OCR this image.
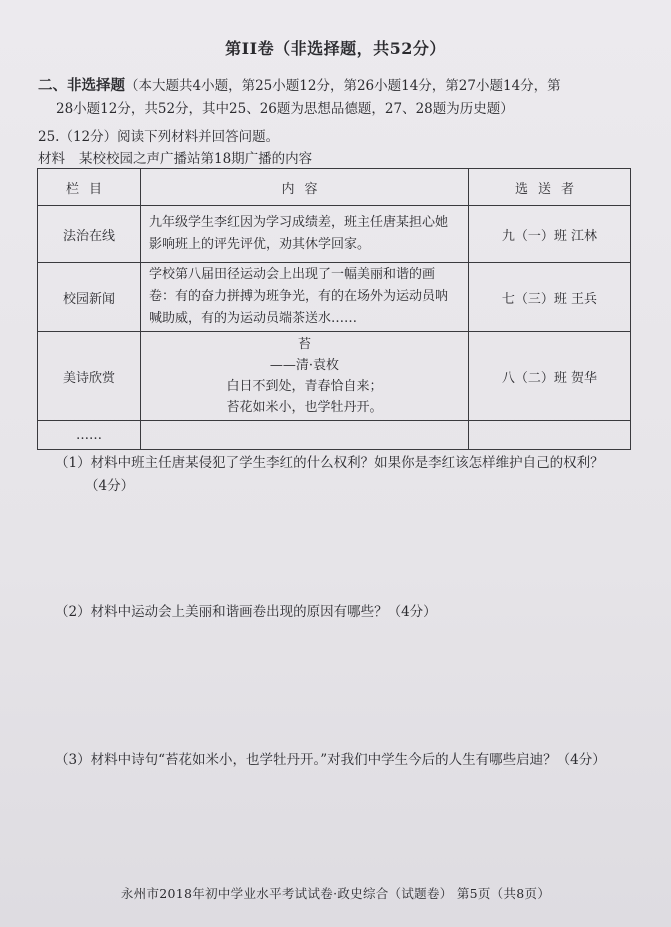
第II卷（非选择题，共52分）
二、非选择题（本大题共4小题，第25小题12分，第26小题14分，第27小题14分，第
28小题12分，共52分，其中25、26题为思想品德题，27、28题为历史题）
25.（12分）阅读下列材料并回答问题。
材料 某校校园之声广播站第18期广播的内容
栏目	内容	选送者
法治在线	九年级学生李红因为学习成绩差，班主任唐某担心她影响班上的评先评优，劝其休学回家。	九（一）班 江林
校园新闻	学校第八届田径运动会上出现了一幅美丽和谐的画卷：有的奋力拼搏为班争光，有的在场外为运动员呐喊助威，有的为运动员端茶送水……	七（三）班 王兵
美诗欣赏	苔
——清·袁枚
白日不到处，青春恰自来；
苔花如米小，也学牡丹开。	八（二）班 贺华
……		
（1）材料中班主任唐某侵犯了学生李红的什么权利？如果你是李红该怎样维护自己的权利？
（4分）
（2）材料中运动会上美丽和谐画卷出现的原因有哪些？（4分）
（3）材料中诗句“苔花如米小，也学牡丹开。”对我们中学生今后的人生有哪些启迪？（4分）
永州市2018年初中学业水平考试试卷·政史综合（试题卷） 第5页（共8页）
